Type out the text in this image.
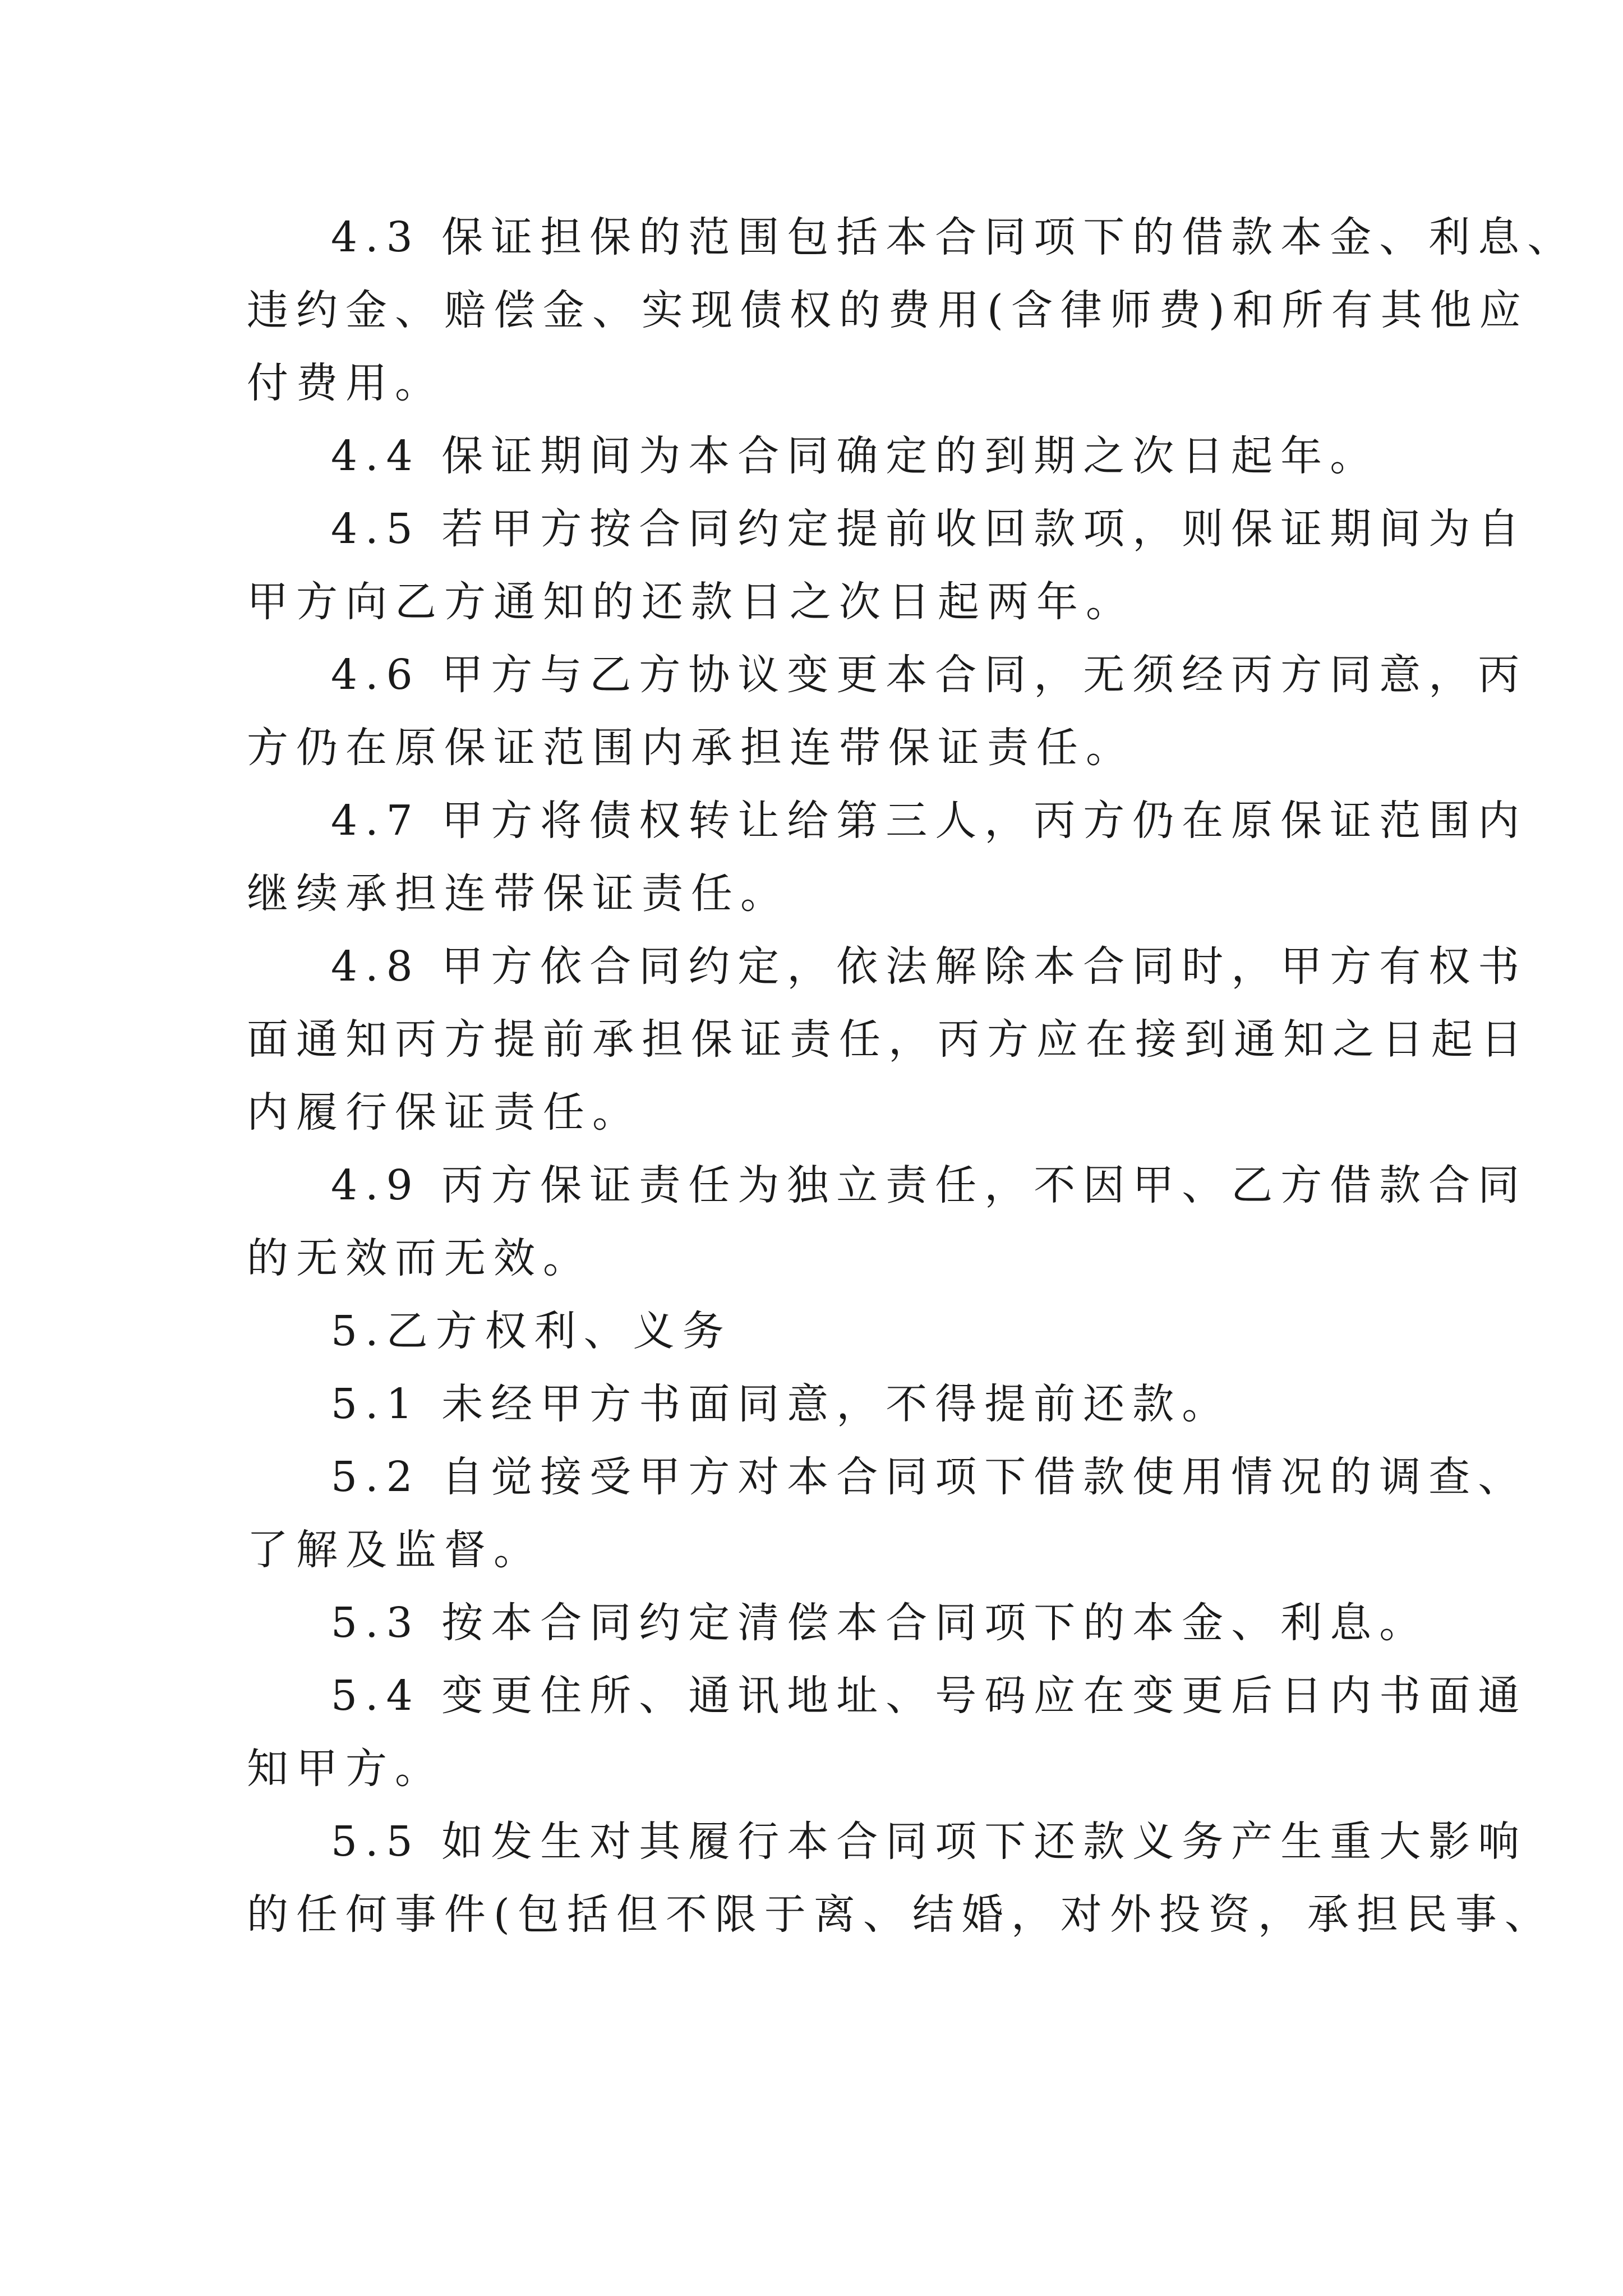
4.3 保证担保的范围包括本合同项下的借款本金、利息、
违约金、赔偿金、实现债权的费用(含律师费)和所有其他应
付费用。

4.4 保证期间为本合同确定的到期之次日起年。

4.5 若甲方按合同约定提前收回款项，则保证期间为自
甲方向乙方通知的还款日之次日起两年。

4.6 甲方与乙方协议变更本合同，无须经丙方同意，丙
方仍在原保证范围内承担连带保证责任。

4.7 甲方将债权转让给第三人，丙方仍在原保证范围内
继续承担连带保证责任。

4.8 甲方依合同约定，依法解除本合同时，甲方有权书
面通知丙方提前承担保证责任，丙方应在接到通知之日起日
内履行保证责任。

4.9 丙方保证责任为独立责任，不因甲、乙方借款合同
的无效而无效。

5.乙方权利、义务

5.1 未经甲方书面同意，不得提前还款。

5.2 自觉接受甲方对本合同项下借款使用情况的调查、
了解及监督。

5.3 按本合同约定清偿本合同项下的本金、利息。

5.4 变更住所、通讯地址、号码应在变更后日内书面通
知甲方。

5.5 如发生对其履行本合同项下还款义务产生重大影响
的任何事件(包括但不限于离、结婚，对外投资，承担民事、
